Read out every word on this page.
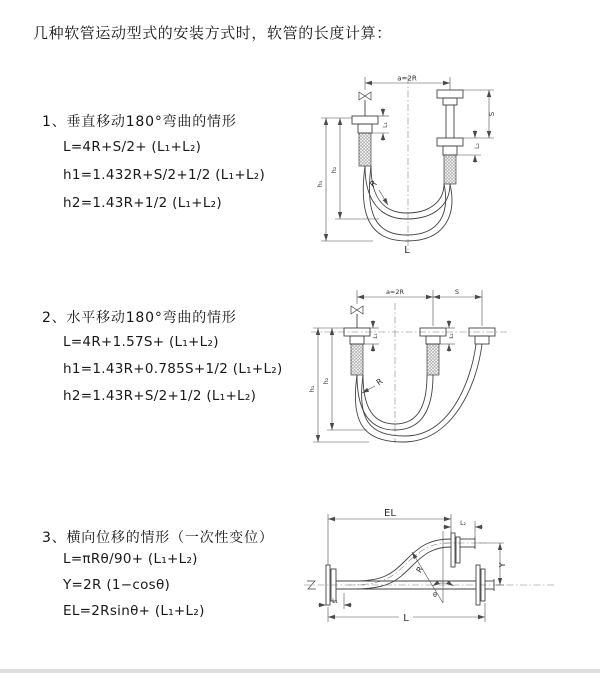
几种软管运动型式的安装方式时，软管的长度计算：
1、垂直移动180°弯曲的情形
L=4R+S/2+ (L₁+L₂)
h1=1.432R+S/2+1/2 (L₁+L₂)
h2=1.43R+1/2 (L₁+L₂)
2、水平移动180°弯曲的情形
L=4R+1.57S+ (L₁+L₂)
h1=1.43R+0.785S+1/2 (L₁+L₂)
h2=1.43R+S/2+1/2 (L₁+L₂)
3、横向位移的情形（一次性变位）
L=πRθ/90+ (L₁+L₂)
Y=2R (1−cosθ)
EL=2Rsinθ+ (L₁+L₂)
a=2R
h₂
h₁
L₁
S
L₂
R
L
a=2R	S
h₂
h₁
L₁	L₂
R
EL
L₂
Y
R
θ
L₁
L
